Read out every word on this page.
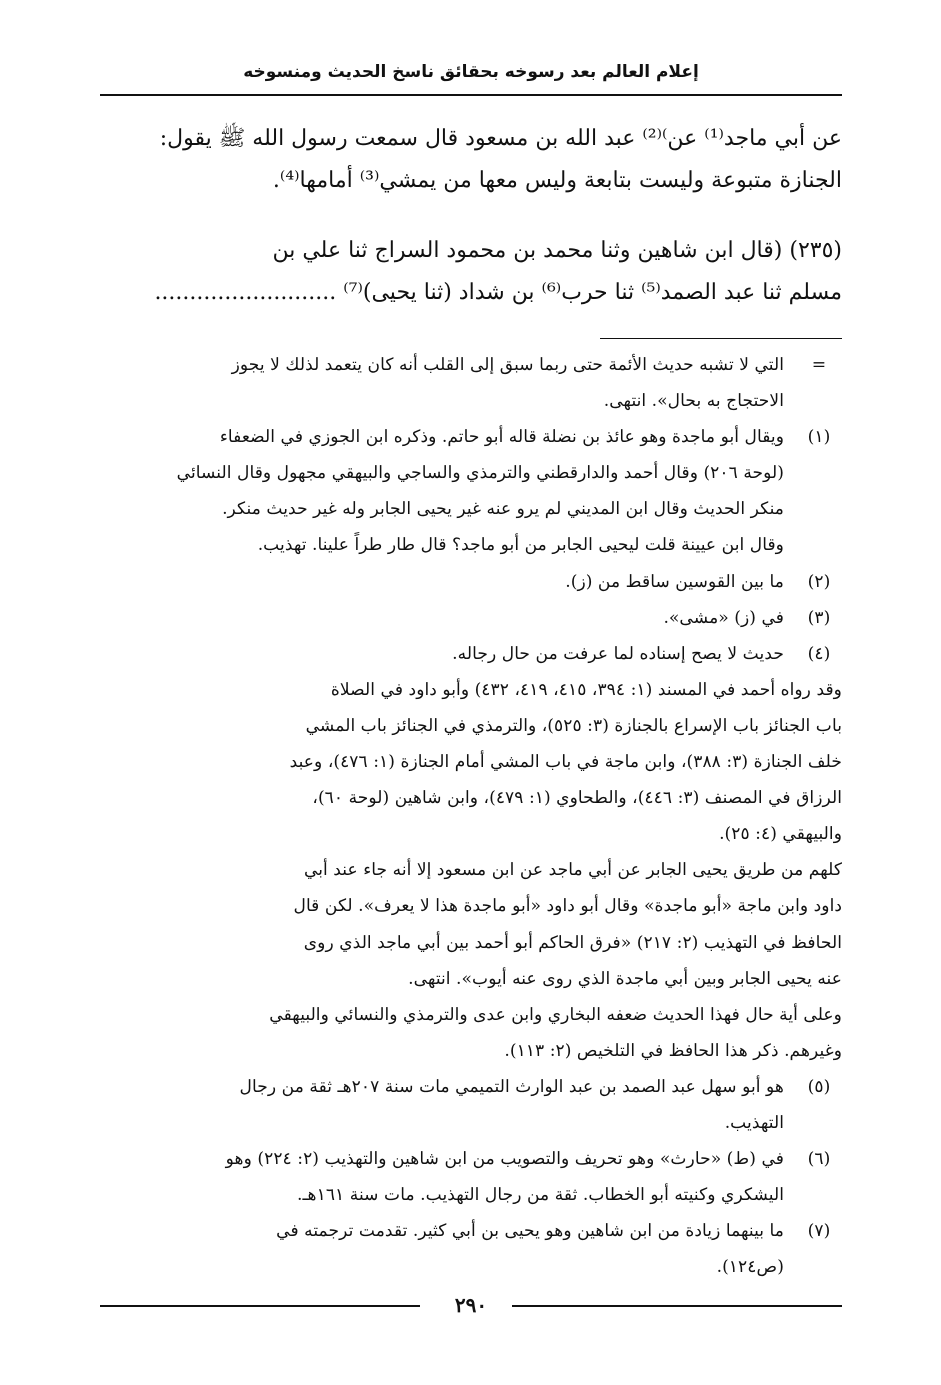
إعلام العالم بعد رسوخه بحقائق ناسخ الحديث ومنسوخه
عن أبي ماجد⁽¹⁾ عن⁾⁽²⁾ عبد الله بن مسعود قال سمعت رسول الله ﷺ يقول:
الجنازة متبوعة وليست بتابعة وليس معها من يمشي⁽³⁾ أمامها⁽⁴⁾.
(٢٣٥) (قال ابن شاهين وثنا محمد بن محمود السراج ثنا علي بن
مسلم ثنا عبد الصمد⁽⁵⁾ ثنا حرب⁽⁶⁾ بن شداد (ثنا يحيى)⁽⁷⁾ ..........................
=
التي لا تشبه حديث الأئمة حتى ربما سبق إلى القلب أنه كان يتعمد لذلك لا يجوز
الاحتجاج به بحال». انتهى.
(١)
ويقال أبو ماجدة وهو عائذ بن نضلة قاله أبو حاتم. وذكره ابن الجوزي في الضعفاء
(لوحة ٢٠٦) وقال أحمد والدارقطني والترمذي والساجي والبيهقي مجهول وقال النسائي
منكر الحديث وقال ابن المديني لم يرو عنه غير يحيى الجابر وله غير حديث منكر.
وقال ابن عيينة قلت ليحيى الجابر من أبو ماجد؟ قال طار طراً علينا. تهذيب.
(٢)
ما بين القوسين ساقط من (ز).
(٣)
في (ز) «مشى».
(٤)
حديث لا يصح إسناده لما عرفت من حال رجاله.
وقد رواه أحمد في المسند (١: ٣٩٤، ٤١٥، ٤١٩، ٤٣٢) وأبو داود في الصلاة
باب الجنائز باب الإسراع بالجنازة (٣: ٥٢٥)، والترمذي في الجنائز باب المشي
خلف الجنازة (٣: ٣٨٨)، وابن ماجة في باب المشي أمام الجنازة (١: ٤٧٦)، وعبد
الرزاق في المصنف (٣: ٤٤٦)، والطحاوي (١: ٤٧٩)، وابن شاهين (لوحة ٦٠)،
والبيهقي (٤: ٢٥).
كلهم من طريق يحيى الجابر عن أبي ماجد عن ابن مسعود إلا أنه جاء عند أبي
داود وابن ماجة «أبو ماجدة» وقال أبو داود «أبو ماجدة هذا لا يعرف». لكن قال
الحافظ في التهذيب (٢: ٢١٧) «فرق الحاكم أبو أحمد بين أبي ماجد الذي روى
عنه يحيى الجابر وبين أبي ماجدة الذي روى عنه أيوب». انتهى.
وعلى أية حال فهذا الحديث ضعفه البخاري وابن عدى والترمذي والنسائي والبيهقي
وغيرهم. ذكر هذا الحافظ في التلخيص (٢: ١١٣).
(٥)
هو أبو سهل عبد الصمد بن عبد الوارث التميمي مات سنة ٢٠٧هـ ثقة من رجال
التهذيب.
(٦)
في (ط) «حارث» وهو تحريف والتصويب من ابن شاهين والتهذيب (٢: ٢٢٤) وهو
اليشكري وكنيته أبو الخطاب. ثقة من رجال التهذيب. مات سنة ١٦١هـ.
(٧)
ما بينهما زيادة من ابن شاهين وهو يحيى بن أبي كثير. تقدمت ترجمته في
(ص١٢٤).
٢٩٠
